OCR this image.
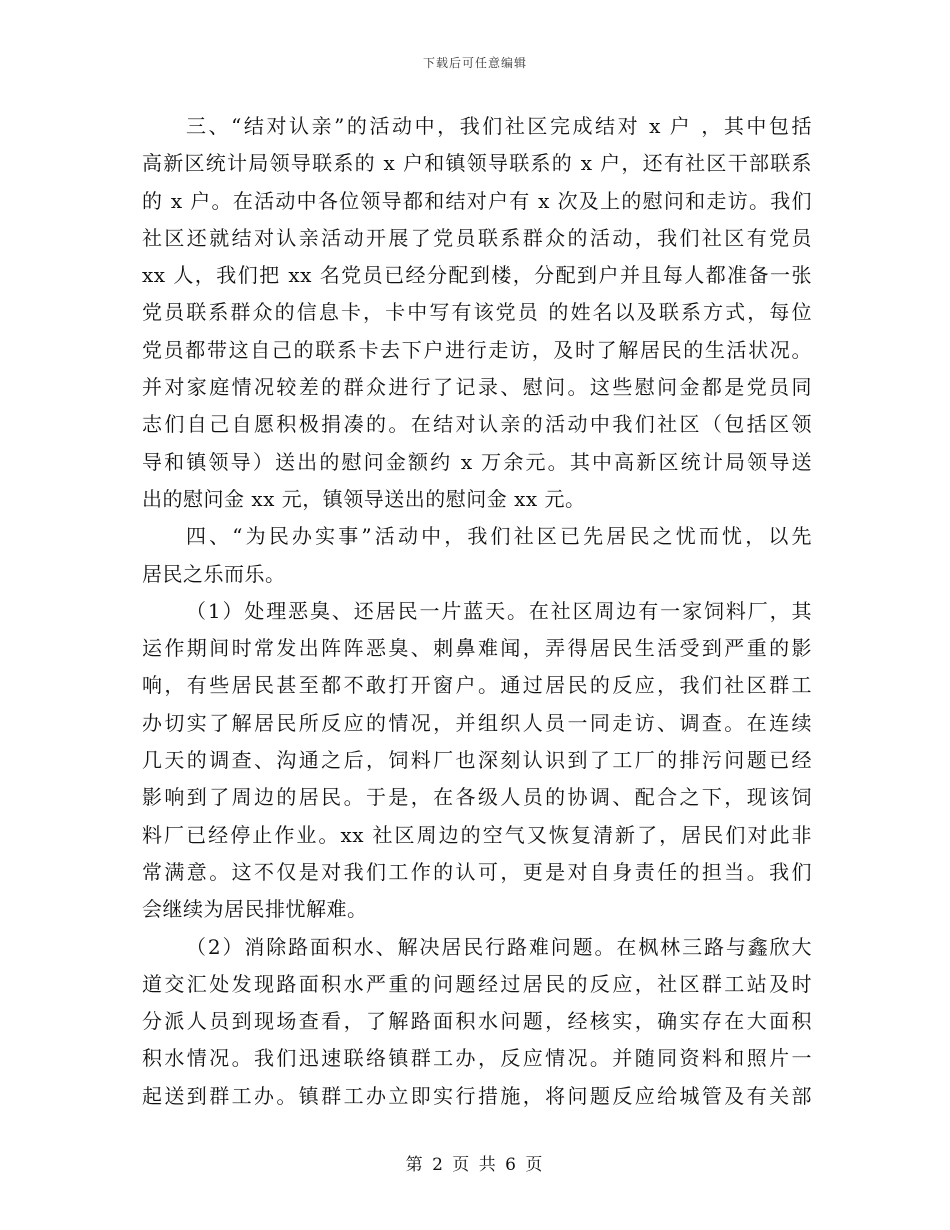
下载后可任意编辑
三、“结对认亲”的活动中，我们社区完成结对 x 户 ，其中包括
高新区统计局领导联系的 x 户和镇领导联系的 x 户，还有社区干部联系
的 x 户。在活动中各位领导都和结对户有 x 次及上的慰问和走访。我们
社区还就结对认亲活动开展了党员联系群众的活动，我们社区有党员
xx 人，我们把 xx 名党员已经分配到楼，分配到户并且每人都准备一张
党员联系群众的信息卡，卡中写有该党员 的姓名以及联系方式，每位
党员都带这自己的联系卡去下户进行走访，及时了解居民的生活状况。
并对家庭情况较差的群众进行了记录、慰问。这些慰问金都是党员同
志们自己自愿积极捐凑的。在结对认亲的活动中我们社区（包括区领
导和镇领导）送出的慰问金额约 x 万余元。其中高新区统计局领导送
出的慰问金 xx 元，镇领导送出的慰问金 xx 元。
四、“为民办实事”活动中，我们社区已先居民之忧而忧，以先
居民之乐而乐。
（1）处理恶臭、还居民一片蓝天。在社区周边有一家饲料厂，其
运作期间时常发出阵阵恶臭、刺鼻难闻，弄得居民生活受到严重的影
响，有些居民甚至都不敢打开窗户。通过居民的反应，我们社区群工
办切实了解居民所反应的情况，并组织人员一同走访、调查。在连续
几天的调查、沟通之后，饲料厂也深刻认识到了工厂的排污问题已经
影响到了周边的居民。于是，在各级人员的协调、配合之下，现该饲
料厂已经停止作业。xx 社区周边的空气又恢复清新了，居民们对此非
常满意。这不仅是对我们工作的认可，更是对自身责任的担当。我们
会继续为居民排忧解难。
（2）消除路面积水、解决居民行路难问题。在枫林三路与鑫欣大
道交汇处发现路面积水严重的问题经过居民的反应，社区群工站及时
分派人员到现场查看，了解路面积水问题，经核实，确实存在大面积
积水情况。我们迅速联络镇群工办，反应情况。并随同资料和照片一
起送到群工办。镇群工办立即实行措施，将问题反应给城管及有关部
第 2 页 共 6 页
